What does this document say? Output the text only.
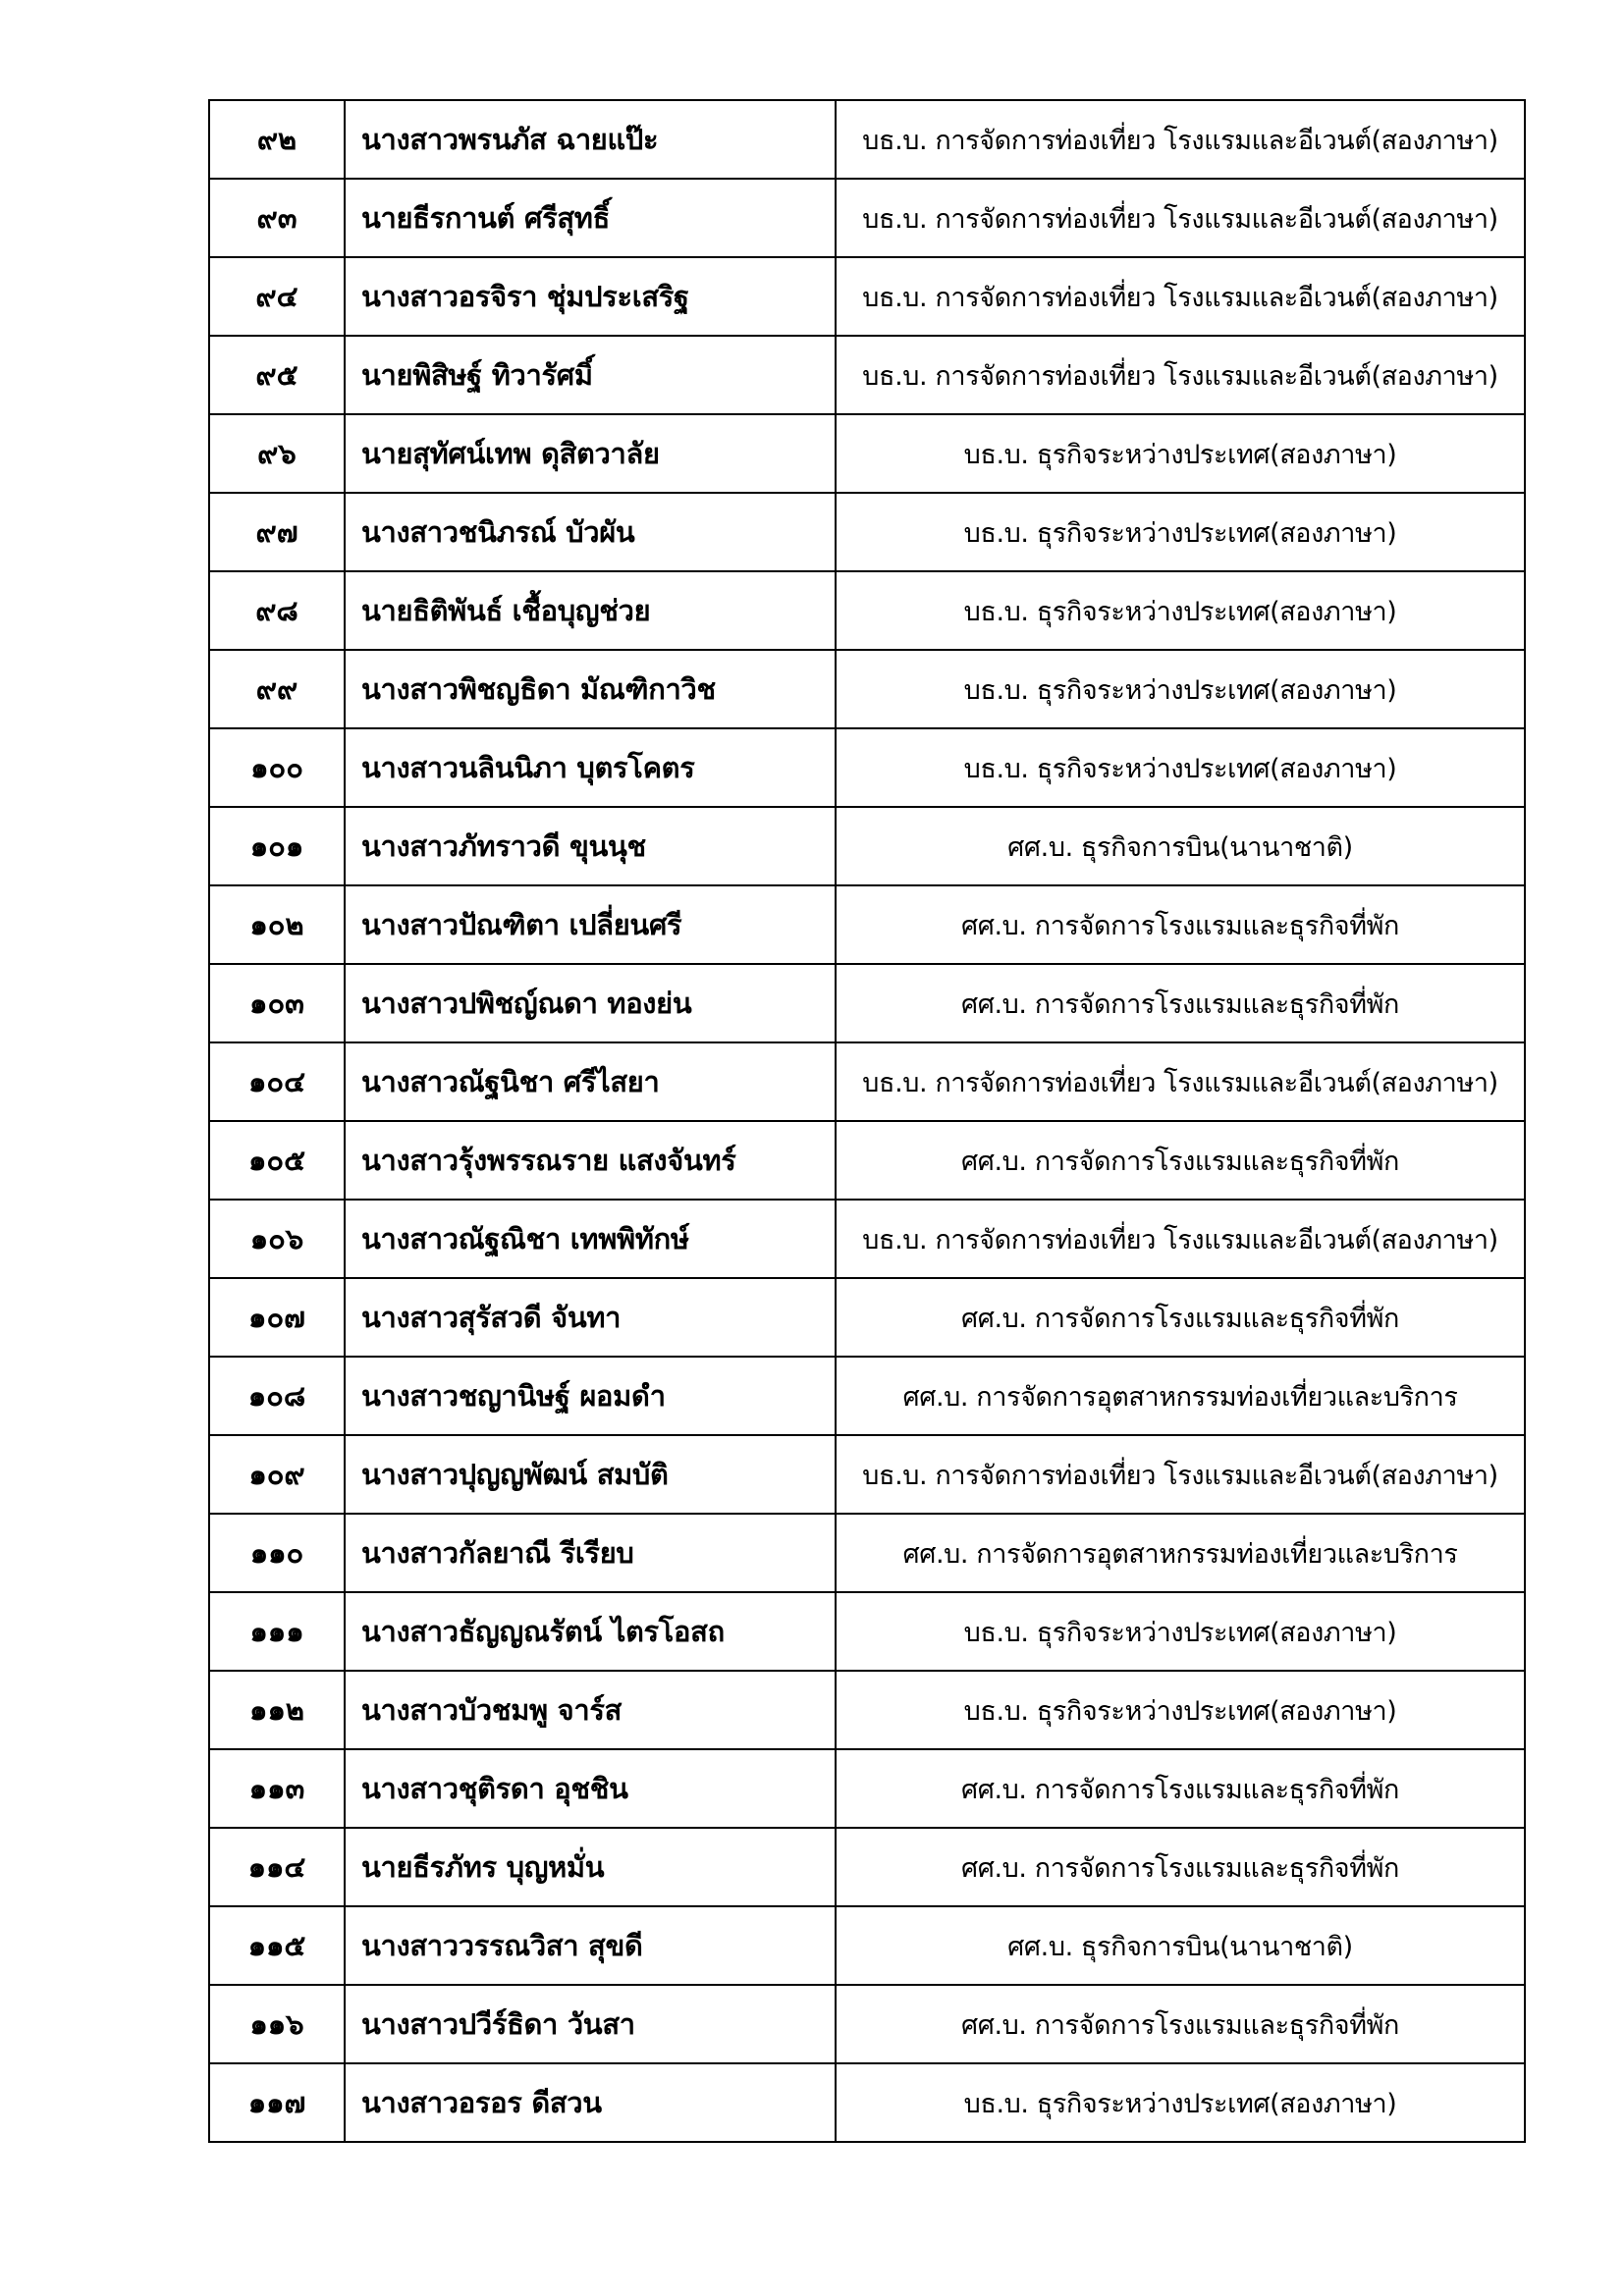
๙๒	นางสาวพรนภัส ฉายแป๊ะ	บธ.บ. การจัดการท่องเที่ยว โรงแรมและอีเวนต์(สองภาษา)
๙๓	นายธีรกานต์ ศรีสุทธิ์	บธ.บ. การจัดการท่องเที่ยว โรงแรมและอีเวนต์(สองภาษา)
๙๔	นางสาวอรจิรา ชุ่มประเสริฐ	บธ.บ. การจัดการท่องเที่ยว โรงแรมและอีเวนต์(สองภาษา)
๙๕	นายพิสิษฐ์ ทิวารัศมิ์	บธ.บ. การจัดการท่องเที่ยว โรงแรมและอีเวนต์(สองภาษา)
๙๖	นายสุทัศน์เทพ ดุสิตวาลัย	บธ.บ. ธุรกิจระหว่างประเทศ(สองภาษา)
๙๗	นางสาวชนิภรณ์ บัวผัน	บธ.บ. ธุรกิจระหว่างประเทศ(สองภาษา)
๙๘	นายธิติพันธ์ เชื้อบุญช่วย	บธ.บ. ธุรกิจระหว่างประเทศ(สองภาษา)
๙๙	นางสาวพิชญธิดา มัณฑิกาวิช	บธ.บ. ธุรกิจระหว่างประเทศ(สองภาษา)
๑๐๐	นางสาวนลินนิภา บุตรโคตร	บธ.บ. ธุรกิจระหว่างประเทศ(สองภาษา)
๑๐๑	นางสาวภัทราวดี ขุนนุช	ศศ.บ. ธุรกิจการบิน(นานาชาติ)
๑๐๒	นางสาวปัณฑิตา เปลี่ยนศรี	ศศ.บ. การจัดการโรงแรมและธุรกิจที่พัก
๑๐๓	นางสาวปพิชญ์ณดา ทองย่น	ศศ.บ. การจัดการโรงแรมและธุรกิจที่พัก
๑๐๔	นางสาวณัฐนิชา ศรีไสยา	บธ.บ. การจัดการท่องเที่ยว โรงแรมและอีเวนต์(สองภาษา)
๑๐๕	นางสาวรุ้งพรรณราย แสงจันทร์	ศศ.บ. การจัดการโรงแรมและธุรกิจที่พัก
๑๐๖	นางสาวณัฐณิชา เทพพิทักษ์	บธ.บ. การจัดการท่องเที่ยว โรงแรมและอีเวนต์(สองภาษา)
๑๐๗	นางสาวสุรัสวดี จันทา	ศศ.บ. การจัดการโรงแรมและธุรกิจที่พัก
๑๐๘	นางสาวชญานิษฐ์ ผอมดำ	ศศ.บ. การจัดการอุตสาหกรรมท่องเที่ยวและบริการ
๑๐๙	นางสาวปุญญพัฒน์ สมบัติ	บธ.บ. การจัดการท่องเที่ยว โรงแรมและอีเวนต์(สองภาษา)
๑๑๐	นางสาวกัลยาณี รีเรียบ	ศศ.บ. การจัดการอุตสาหกรรมท่องเที่ยวและบริการ
๑๑๑	นางสาวธัญญณรัตน์ ไตรโอสถ	บธ.บ. ธุรกิจระหว่างประเทศ(สองภาษา)
๑๑๒	นางสาวบัวชมพู จาร์ส	บธ.บ. ธุรกิจระหว่างประเทศ(สองภาษา)
๑๑๓	นางสาวชุติรดา อุชชิน	ศศ.บ. การจัดการโรงแรมและธุรกิจที่พัก
๑๑๔	นายธีรภัทร บุญหมั่น	ศศ.บ. การจัดการโรงแรมและธุรกิจที่พัก
๑๑๕	นางสาววรรณวิสา สุขดี	ศศ.บ. ธุรกิจการบิน(นานาชาติ)
๑๑๖	นางสาวปวีร์ธิดา วันสา	ศศ.บ. การจัดการโรงแรมและธุรกิจที่พัก
๑๑๗	นางสาวอรอร ดีสวน	บธ.บ. ธุรกิจระหว่างประเทศ(สองภาษา)
